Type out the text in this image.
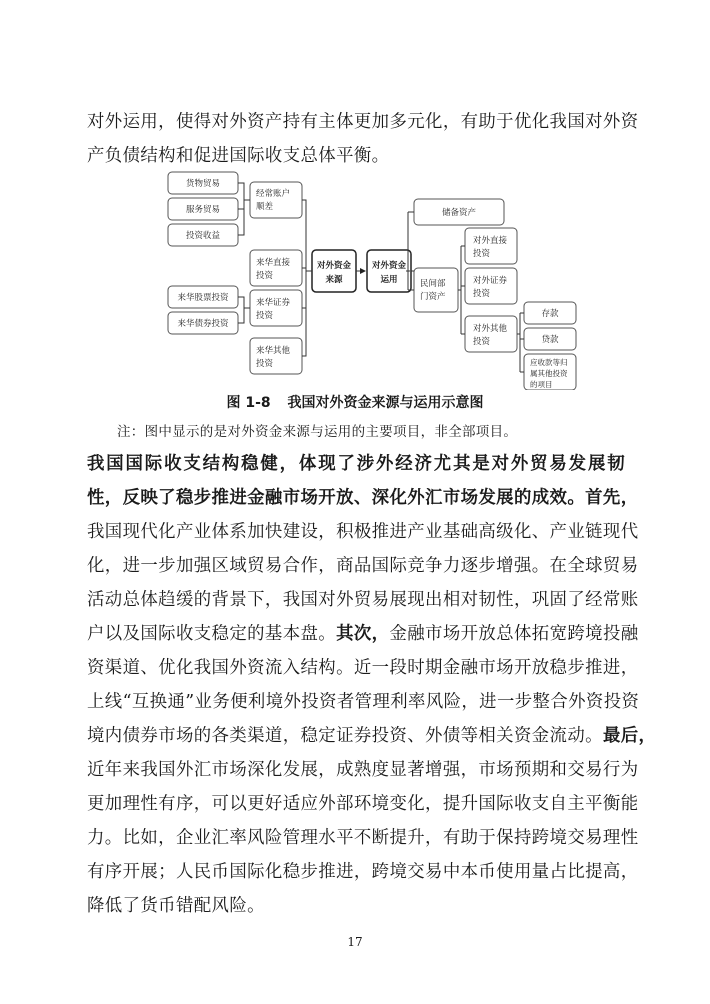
对外运用，使得对外资产持有主体更加多元化，有助于优化我国对外资
产负债结构和促进国际收支总体平衡。
货物贸易
服务贸易
投资收益
来华股票投资
来华债券投资
经常账户
顺差
来华直接
投资
来华证券
投资
来华其他
投资
对外资金
来源
对外资金
运用
储备资产
民间部
门资产
对外直接
投资
对外证券
投资
对外其他
投资
存款
贷款
应收款等归
属其他投资
的项目
图 1-8 我国对外资金来源与运用示意图
注：图中显示的是对外资金来源与运用的主要项目，非全部项目。
我国国际收支结构稳健，体现了涉外经济尤其是对外贸易发展韧
性，反映了稳步推进金融市场开放、深化外汇市场发展的成效。首先，
我国现代化产业体系加快建设，积极推进产业基础高级化、产业链现代
化，进一步加强区域贸易合作，商品国际竞争力逐步增强。在全球贸易
活动总体趋缓的背景下，我国对外贸易展现出相对韧性，巩固了经常账
户以及国际收支稳定的基本盘。其次，金融市场开放总体拓宽跨境投融
资渠道、优化我国外资流入结构。近一段时期金融市场开放稳步推进，
上线“互换通”业务便利境外投资者管理利率风险，进一步整合外资投资
境内债券市场的各类渠道，稳定证券投资、外债等相关资金流动。最后，
近年来我国外汇市场深化发展，成熟度显著增强，市场预期和交易行为
更加理性有序，可以更好适应外部环境变化，提升国际收支自主平衡能
力。比如，企业汇率风险管理水平不断提升，有助于保持跨境交易理性
有序开展；人民币国际化稳步推进，跨境交易中本币使用量占比提高，
降低了货币错配风险。
17
